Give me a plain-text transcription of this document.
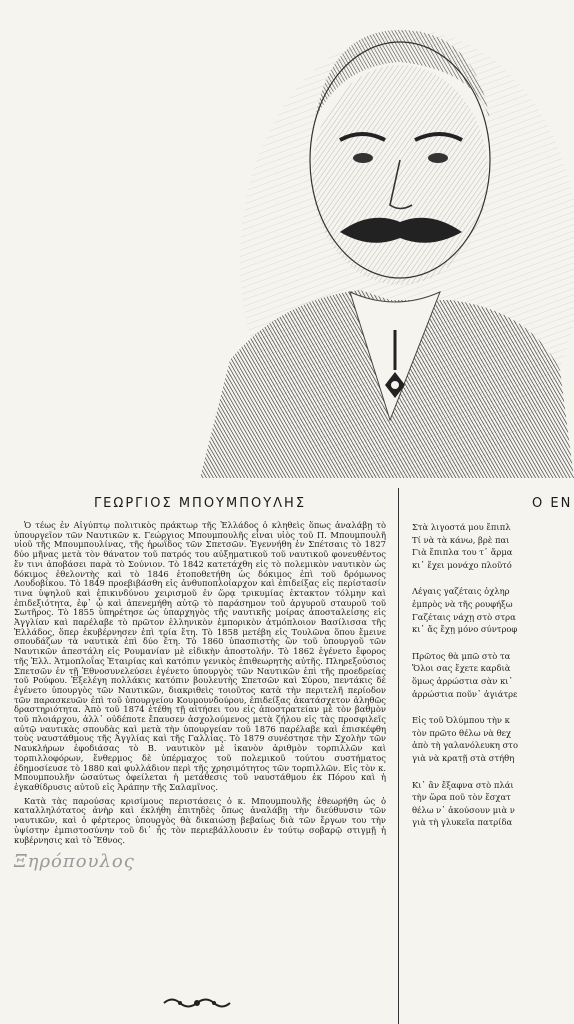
ΓΕΩΡΓΙΟΣ ΜΠΟΥΜΠΟΥΛΗΣ

Ὁ τέως ἐν Αἰγύπτῳ πολιτικὸς πράκτωρ τῆς Ἑλλάδος ὁ κληθεὶς ὅπως ἀναλάβῃ τὸ ὑπουργεῖον τῶν Ναυτικῶν κ. Γεώργιος Μπουμπουλῆς εἶναι υἱὸς τοῦ Π. Μπουμπουλῆ υἱοῦ τῆς Μπουμπουλίνας, τῆς ἡρωΐδος τῶν Σπετσῶν. Ἐγεννήθη ἐν Σπέτσαις τὸ 1827 δύο μῆνας μετὰ τὸν θάνατον τοῦ πατρός του αὐξηματικοῦ τοῦ ναυτικοῦ φονευθέντος ἔν τινι ἀποβάσει παρὰ τὸ Σούνιον. Τὸ 1842 κατετάχθη εἰς τὸ πολεμικὸν ναυτικὸν ὡς δόκιμος ἐθελοντὴς καὶ τὸ 1846 ἐτοποθετήθη ὡς δόκιμος ἐπὶ τοῦ δρόμωνος Λουδοβίκου. Τὸ 1849 προεβιβάσθη εἰς ἀνθυποπλοίαρχον καὶ ἐπιδείξας εἰς περίστασίν τινα ὑψηλοῦ καὶ ἐπικινδύνου χειρισμοῦ ἐν ὥρᾳ τρικυμίας ἐκτακτον τόλμην καὶ ἐπιδεξιότητα, ἐφ᾽ ᾧ καὶ ἀπενεμήθη αὐτῷ τὸ παράσημον τοῦ ἀργυροῦ σταυροῦ τοῦ Σωτῆρος. Τὸ 1855 ὑπηρέτησε ὡς ὑπαρχηγὸς τῆς ναυτικῆς μοίρας ἀποσταλείσης εἰς Ἀγγλίαν καὶ παρέλαβε τὸ πρῶτον ἑλληνικὸν ἐμπορικὸν ἀτμόπλοιον Βασίλισσα τῆς Ἑλλάδος, ὅπερ ἐκυβέρνησεν ἐπὶ τρία ἔτη. Τὸ 1858 μετέβη εἰς Τουλῶνα ὅπου ἔμεινε σπουδάζων τὰ ναυτικὰ ἐπὶ δύο ἔτη. Τὸ 1860 ὑπασπιστὴς ὢν τοῦ ὑπουργοῦ τῶν Ναυτικῶν ἀπεστάλη εἰς Ρουμανίαν μὲ εἰδικὴν ἀποστολήν. Τὸ 1862 ἐγένετο ἔφορος τῆς Ἑλλ. Ἀτμοπλοΐας Ἑταιρίας καὶ κατόπιν γενικὸς ἐπιθεωρητὴς αὐτῆς. Πληρεξούσιος Σπετσῶν ἐν τῇ Ἐθνοσυνελεύσει ἐγένετο ὑπουργὸς τῶν Ναυτικῶν ἐπὶ τῆς προεδρείας τοῦ Ρούφου. Ἐξελέγη πολλάκις κατόπιν βουλευτὴς Σπετσῶν καὶ Σύρου, πεντάκις δὲ ἐγένετο ὑπουργὸς τῶν Ναυτικῶν, διακριθεὶς τοιοῦτος κατὰ τὴν περιτελῆ περίοδον τῶν παρασκευῶν ἐπὶ τοῦ ὑπουργείου Κουμουνδούρου, ἐπιδείξας ἀκατάσχετον ἀληθῶς δραστηριότητα. Ἀπὸ τοῦ 1874 ἐτέθη τῇ αἰτήσει του εἰς ἀποστρατείαν μὲ τὸν βαθμὸν τοῦ πλοιάρχου, ἀλλ᾽ οὐδέποτε ἔπαυσεν ἀσχολούμενος μετὰ ζήλου εἰς τὰς προσφιλεῖς αὐτῷ ναυτικὰς σπουδὰς καὶ μετὰ τὴν ὑπουργείαν τοῦ 1876 παρέλαβε καὶ ἐπισκέφθη τοὺς ναυστάθμους τῆς Ἀγγλίας καὶ τῆς Γαλλίας. Τὸ 1879 συνέστησε τὴν Σχολὴν τῶν Ναυκλήρων ἐφοδιάσας τὸ Β. ναυτικὸν μὲ ἱκανὸν ἀριθμὸν τορπιλλῶν καὶ τορπιλλοφόρων, ἔνθερμος δὲ ὑπέρμαχος τοῦ πολεμικοῦ τούτου συστήματος ἐδημοσίευσε τὸ 1880 καὶ φυλλάδιον περὶ τῆς χρησιμότητος τῶν τορπιλλῶν. Εἰς τὸν κ. Μπουμπουλῆν ὡσαύτως ὀφείλεται ἡ μετάθεσις τοῦ ναυστάθμου ἐκ Πόρου καὶ ἡ ἐγκαθίδρυσις αὐτοῦ εἰς Ἀράπην τῆς Σαλαμῖνος.

Κατὰ τὰς παρούσας κρισίμους περιστάσεις ὁ κ. Μπουμπουλῆς ἐθεωρήθη ὡς ὁ καταλληλότατος ἀνὴρ καὶ ἐκλήθη ἐπιτηδὲς ὅπως ἀναλάβῃ τὴν διεύθυνσιν τῶν ναυτικῶν, καὶ ὁ φέρτερος ὑπουργὸς θὰ δικαιώσῃ βεβαίως διὰ τῶν ἔργων του τὴν ὑψίστην ἐμπιστοσύνην τοῦ δι᾽ ἧς τὸν περιεβάλλουσιν ἐν τούτῳ σοβαρῷ στιγμῇ ἡ κυβέρνησις καὶ τὸ Ἔθνος.

Ξηρόπουλος
Ο ΕΝ

Στὰ λιγοστά μου ἔπιπλ
Τί νὰ τὰ κάνω, βρὲ παι
Γιὰ ἔπιπλα του τ᾽ ἄρμα
κι᾽ ἔχει μονάχο πλοῦτό

Λέγαις γαζέταις ὀχληρ
ἐμπρὸς νὰ τῆς ρουφήξω
Γαζέταις νάχῃ στὸ στρα
κι᾽ ἄς ἔχῃ μόνο σύντροφ

Πρῶτος θὰ μπῶ στὸ τα
Ὅλοι σας ἔχετε καρδιὰ
ὅμως ἀρρώστια σὰν κι᾽
ἀρρώστια ποῦν᾽ ἀγιάτρε

Εἰς τοῦ Ὀλύμπου τὴν κ
τὸν πρῶτο θέλω νὰ θεχ
ἀπὸ τὴ γαλανόλευκη στο
γιὰ νὰ κρατῇ στὰ στήθη

Κι᾽ ἂν ἔξαφνα στὸ πλάι
τὴν ὥρα ποῦ τὸν ἔσχατ
θέλω ν᾽ ἀκούσουν μιὰ ν
γιὰ τὴ γλυκεῖα πατρίδα
